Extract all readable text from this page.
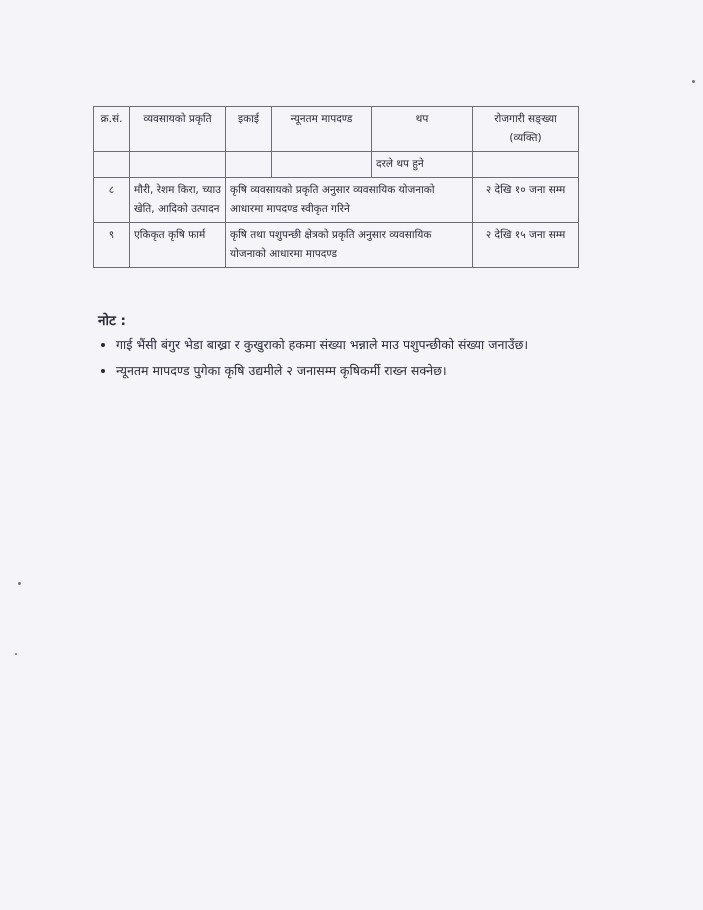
क्र.सं.	व्यवसायको प्रकृति	इकाई	न्यूनतम मापदण्ड	थप	रोजगारी सङ्ख्या (व्यक्ति)
				दरले थप हुने	
८	मौरी, रेशम किरा, च्याउ खेति, आदिको उत्पादन	कृषि व्यवसायको प्रकृति अनुसार व्यवसायिक योजनाको आधारमा मापदण्ड स्वीकृत गरिने			२ देखि १० जना सम्म
९	एकिकृत कृषि फार्म	कृषि तथा पशुपन्छी क्षेत्रको प्रकृति अनुसार व्यवसायिक योजनाको आधारमा मापदण्ड			२ देखि १५ जना सम्म
नोट :
• गाई भैंसी बंगुर भेडा बाख्रा र कुखुराको हकमा संख्या भन्नाले माउ पशुपन्छीको संख्या जनाउँछ।
• न्यूनतम मापदण्ड पुगेका कृषि उद्यमीले २ जनासम्म कृषिकर्मी राख्न सक्नेछ।
